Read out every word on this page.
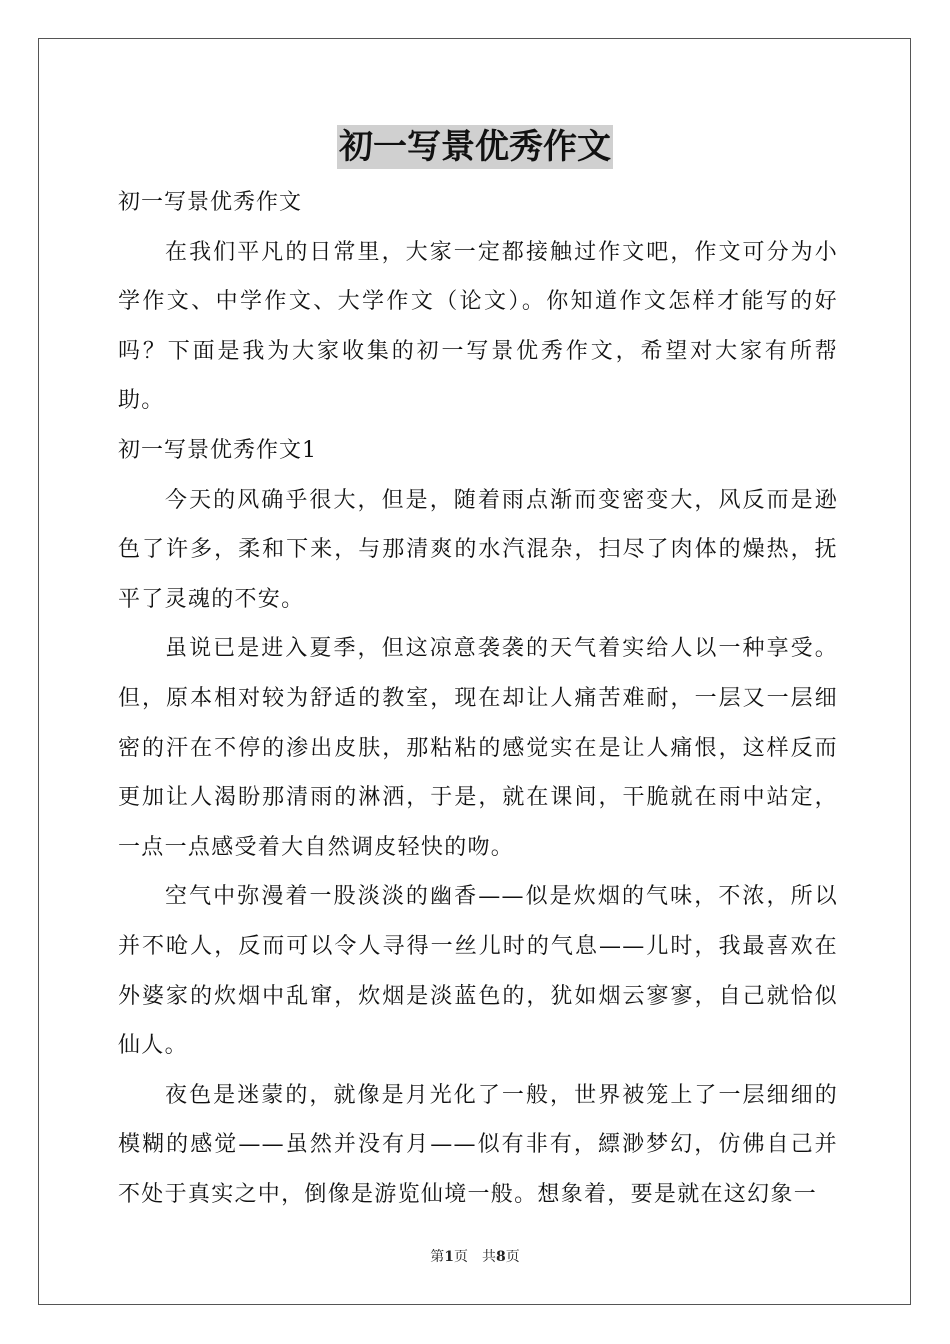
初一写景优秀作文

初一写景优秀作文

在我们平凡的日常里，大家一定都接触过作文吧，作文可分为小学作文、中学作文、大学作文（论文）。你知道作文怎样才能写的好吗？下面是我为大家收集的初一写景优秀作文，希望对大家有所帮助。

初一写景优秀作文1

今天的风确乎很大，但是，随着雨点渐而变密变大，风反而是逊色了许多，柔和下来，与那清爽的水汽混杂，扫尽了肉体的燥热，抚平了灵魂的不安。

虽说已是进入夏季，但这凉意袭袭的天气着实给人以一种享受。但，原本相对较为舒适的教室，现在却让人痛苦难耐，一层又一层细密的汗在不停的渗出皮肤，那粘粘的感觉实在是让人痛恨，这样反而更加让人渴盼那清雨的淋洒，于是，就在课间，干脆就在雨中站定，一点一点感受着大自然调皮轻快的吻。

空气中弥漫着一股淡淡的幽香——似是炊烟的气味，不浓，所以并不呛人，反而可以令人寻得一丝儿时的气息——儿时，我最喜欢在外婆家的炊烟中乱窜，炊烟是淡蓝色的，犹如烟云寥寥，自己就恰似仙人。

夜色是迷蒙的，就像是月光化了一般，世界被笼上了一层细细的模糊的感觉——虽然并没有月——似有非有，縹渺梦幻，仿佛自己并不处于真实之中，倒像是游览仙境一般。想象着，要是就在这幻象一

第1页 共8页
